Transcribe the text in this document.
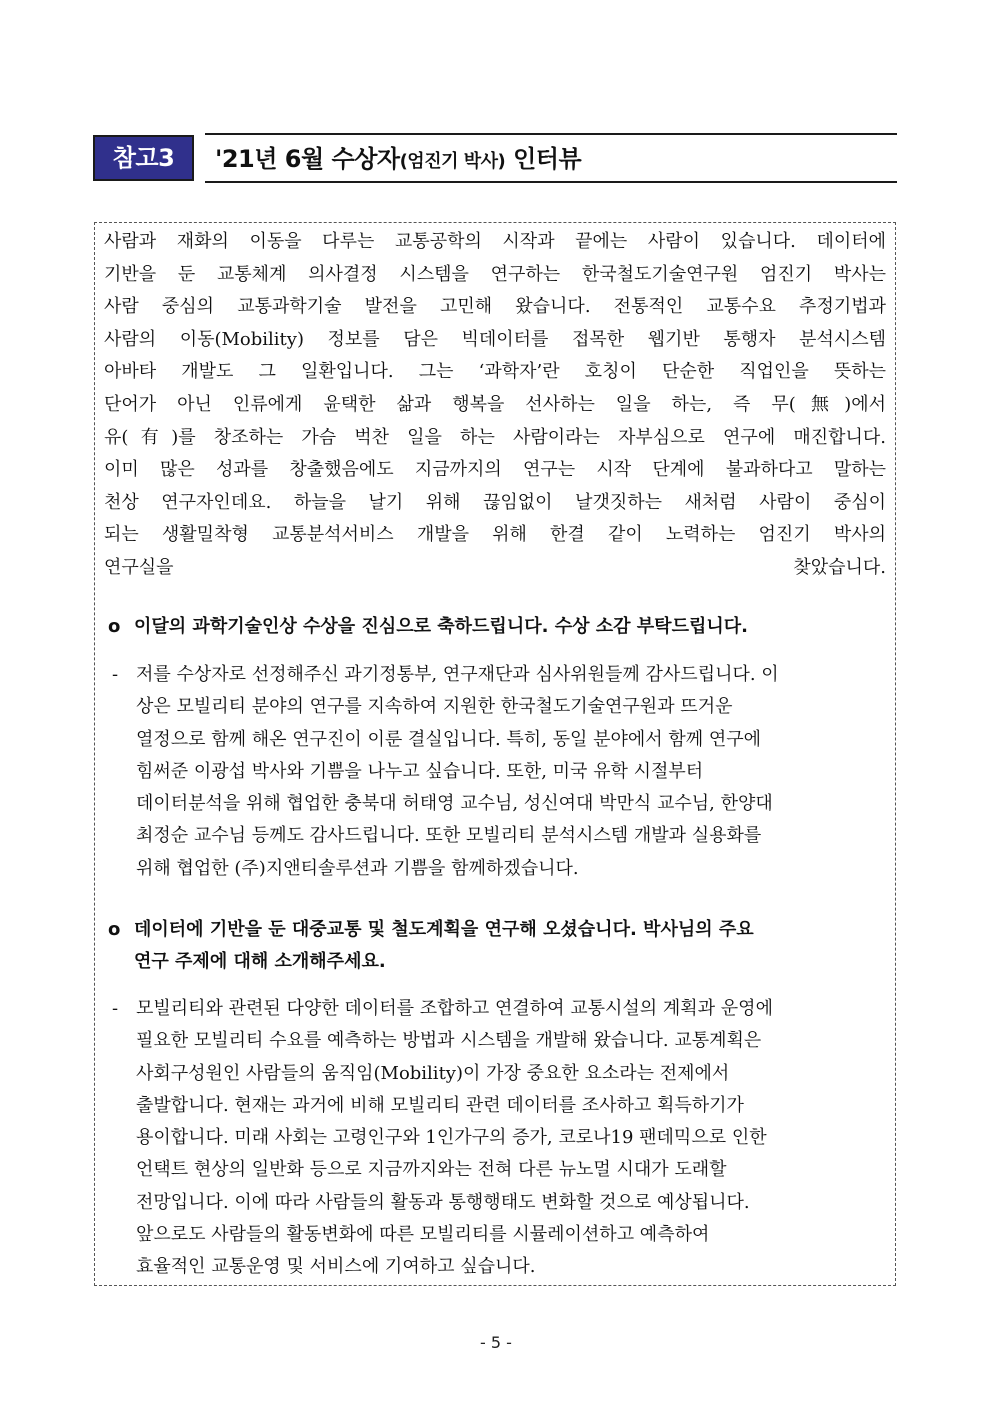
참고3	'21년 6월 수상자(엄진기 박사) 인터뷰
사람과 재화의 이동을 다루는 교통공학의 시작과 끝에는 사람이 있습니다. 데이터에
기반을 둔 교통체계 의사결정 시스템을 연구하는 한국철도기술연구원 엄진기 박사는
사람 중심의 교통과학기술 발전을 고민해 왔습니다. 전통적인 교통수요 추정기법과
사람의 이동(Mobility) 정보를 담은 빅데이터를 접목한 웹기반 통행자 분석시스템
아바타 개발도 그 일환입니다. 그는 ‘과학자’란 호칭이 단순한 직업인을 뜻하는
단어가 아닌 인류에게 윤택한 삶과 행복을 선사하는 일을 하는, 즉 무(無)에서
유(有)를 창조하는 가슴 벅찬 일을 하는 사람이라는 자부심으로 연구에 매진합니다.
이미 많은 성과를 창출했음에도 지금까지의 연구는 시작 단계에 불과하다고 말하는
천상 연구자인데요. 하늘을 날기 위해 끊임없이 날갯짓하는 새처럼 사람이 중심이
되는 생활밀착형 교통분석서비스 개발을 위해 한결 같이 노력하는 엄진기 박사의
연구실을 찾았습니다.
o 이달의 과학기술인상 수상을 진심으로 축하드립니다. 수상 소감 부탁드립니다.
- 저를 수상자로 선정해주신 과기정통부, 연구재단과 심사위원들께 감사드립니다. 이
상은 모빌리티 분야의 연구를 지속하여 지원한 한국철도기술연구원과 뜨거운
열정으로 함께 해온 연구진이 이룬 결실입니다. 특히, 동일 분야에서 함께 연구에
힘써준 이광섭 박사와 기쁨을 나누고 싶습니다. 또한, 미국 유학 시절부터
데이터분석을 위해 협업한 충북대 허태영 교수님, 성신여대 박만식 교수님, 한양대
최정순 교수님 등께도 감사드립니다. 또한 모빌리티 분석시스템 개발과 실용화를
위해 협업한 (주)지앤티솔루션과 기쁨을 함께하겠습니다.
o 데이터에 기반을 둔 대중교통 및 철도계획을 연구해 오셨습니다. 박사님의 주요
연구 주제에 대해 소개해주세요.
- 모빌리티와 관련된 다양한 데이터를 조합하고 연결하여 교통시설의 계획과 운영에
필요한 모빌리티 수요를 예측하는 방법과 시스템을 개발해 왔습니다. 교통계획은
사회구성원인 사람들의 움직임(Mobility)이 가장 중요한 요소라는 전제에서
출발합니다. 현재는 과거에 비해 모빌리티 관련 데이터를 조사하고 획득하기가
용이합니다. 미래 사회는 고령인구와 1인가구의 증가, 코로나19 팬데믹으로 인한
언택트 현상의 일반화 등으로 지금까지와는 전혀 다른 뉴노멀 시대가 도래할
전망입니다. 이에 따라 사람들의 활동과 통행행태도 변화할 것으로 예상됩니다.
앞으로도 사람들의 활동변화에 따른 모빌리티를 시뮬레이션하고 예측하여
효율적인 교통운영 및 서비스에 기여하고 싶습니다.
- 5 -
